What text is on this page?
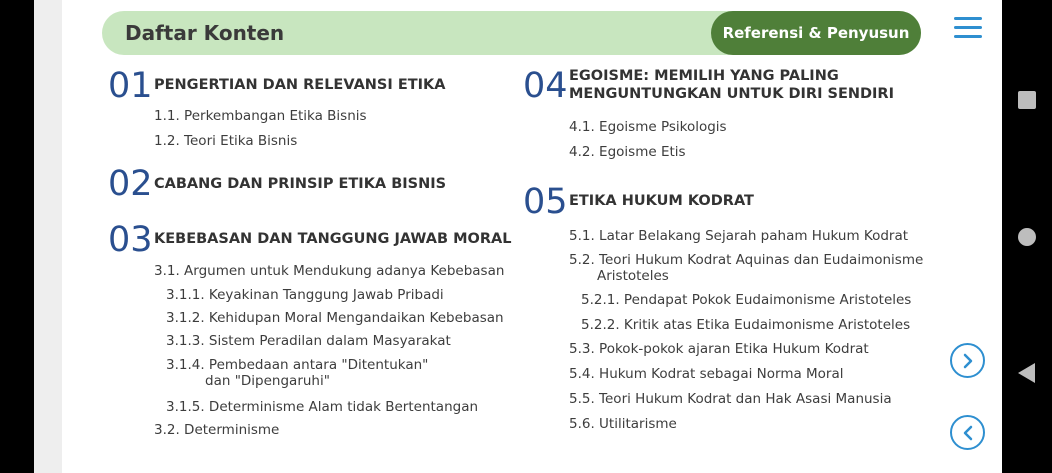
Daftar Konten	Referensi & Penyusun
01 PENGERTIAN DAN RELEVANSI ETIKA
1.1. Perkembangan Etika Bisnis
1.2. Teori Etika Bisnis
02 CABANG DAN PRINSIP ETIKA BISNIS
03 KEBEBASAN DAN TANGGUNG JAWAB MORAL
3.1. Argumen untuk Mendukung adanya Kebebasan
3.1.1. Keyakinan Tanggung Jawab Pribadi
3.1.2. Kehidupan Moral Mengandaikan Kebebasan
3.1.3. Sistem Peradilan dalam Masyarakat
3.1.4. Pembedaan antara "Ditentukan" dan "Dipengaruhi"
3.1.5. Determinisme Alam tidak Bertentangan
3.2. Determinisme
04 EGOISME: MEMILIH YANG PALING MENGUNTUNGKAN UNTUK DIRI SENDIRI
4.1. Egoisme Psikologis
4.2. Egoisme Etis
05 ETIKA HUKUM KODRAT
5.1. Latar Belakang Sejarah paham Hukum Kodrat
5.2. Teori Hukum Kodrat Aquinas dan Eudaimonisme Aristoteles
5.2.1. Pendapat Pokok Eudaimonisme Aristoteles
5.2.2. Kritik atas Etika Eudaimonisme Aristoteles
5.3. Pokok-pokok ajaran Etika Hukum Kodrat
5.4. Hukum Kodrat sebagai Norma Moral
5.5. Teori Hukum Kodrat dan Hak Asasi Manusia
5.6. Utilitarisme
